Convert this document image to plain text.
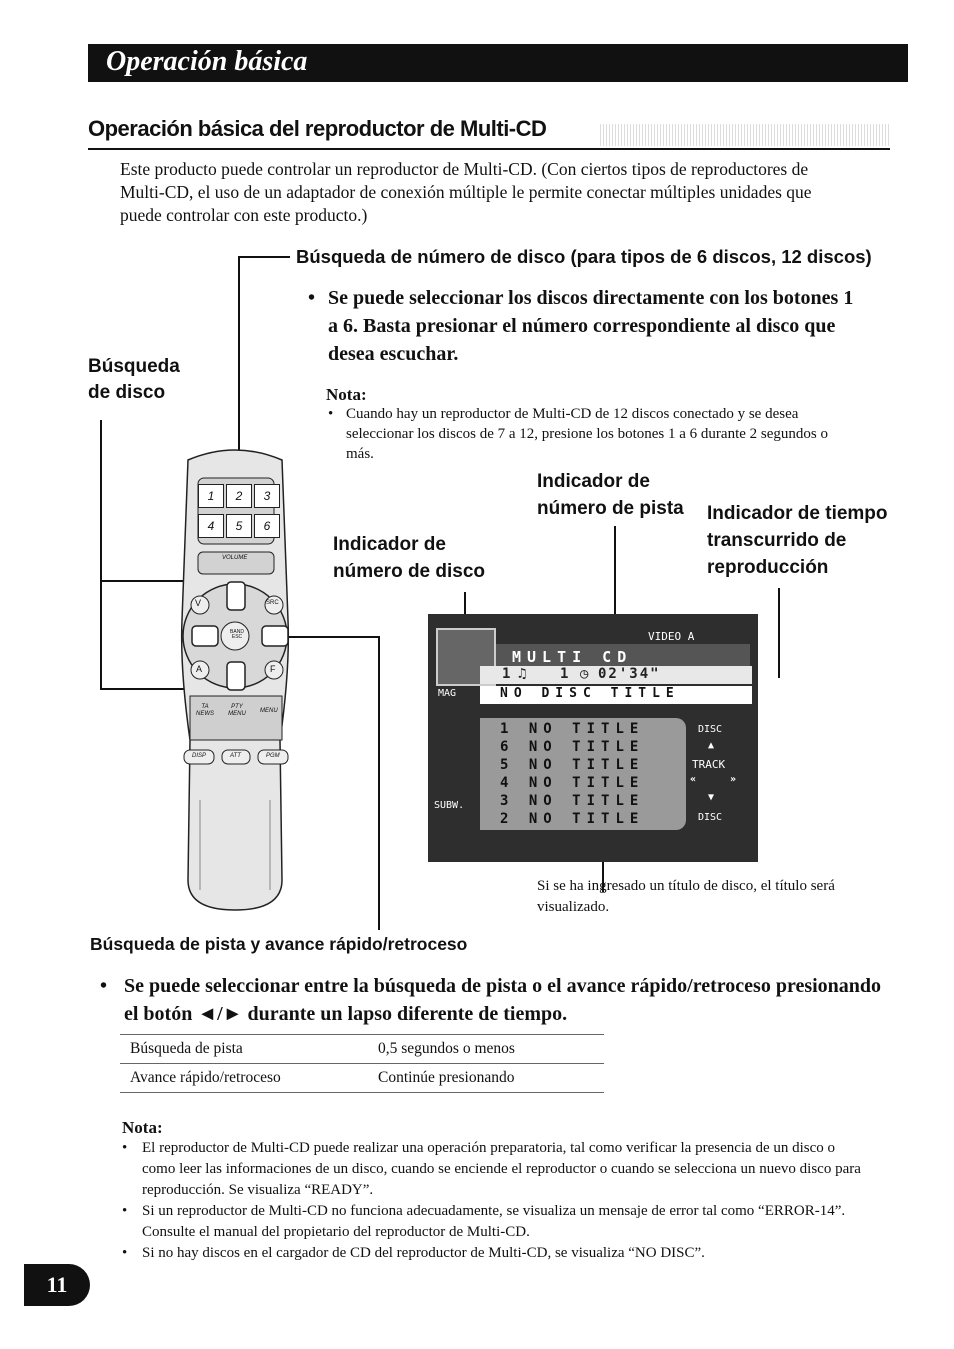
Operación básica
Operación básica del reproductor de Multi-CD
Este producto puede controlar un reproductor de Multi-CD. (Con ciertos tipos de reproductores de Multi-CD, el uso de un adaptador de conexión múltiple le permite conectar múltiples unidades que puede controlar con este producto.)
Búsqueda de número de disco (para tipos de 6 discos, 12 discos)
• Se puede seleccionar los discos directamente con los botones 1 a 6. Basta presionar el número correspondiente al disco que desea escuchar.
Búsqueda de disco	Nota:
• Cuando hay un reproductor de Multi-CD de 12 discos conectado y se desea seleccionar los discos de 7 a 12, presione los botones 1 a 6 durante 2 segundos o más.
Indicador de número de pista	Indicador de tiempo transcurrido de reproducción
Indicador de número de disco
1 2 3
4 5 6
VOLUME
V	SRC
BAND ESC
A	F
TA NEWS
PTY MENU	MENU
DISP	ATT	PGM
VIDEO A
MULTI CD
1 ♫ 1 ◷ 02'34"
NO DISC TITLE
MAG
SUBW.
1 NO TITLE
6 NO TITLE
5 NO TITLE
4 NO TITLE
3 NO TITLE
2 NO TITLE
DISC
▲
TRACK
«	»
▼
DISC
Si se ha ingresado un título de disco, el título será visualizado.
Búsqueda de pista y avance rápido/retroceso
• Se puede seleccionar entre la búsqueda de pista o el avance rápido/retroceso presionando el botón ◄/► durante un lapso diferente de tiempo.
Búsqueda de pista	0,5 segundos o menos
Avance rápido/retroceso	Continúe presionando
Nota:
• El reproductor de Multi-CD puede realizar una operación preparatoria, tal como verificar la presencia de un disco o como leer las informaciones de un disco, cuando se enciende el reproductor o cuando se selecciona un nuevo disco para reproducción. Se visualiza “READY”.
• Si un reproductor de Multi-CD no funciona adecuadamente, se visualiza un mensaje de error tal como “ERROR-14”. Consulte el manual del propietario del reproductor de Multi-CD.
• Si no hay discos en el cargador de CD del reproductor de Multi-CD, se visualiza “NO DISC”.
11
